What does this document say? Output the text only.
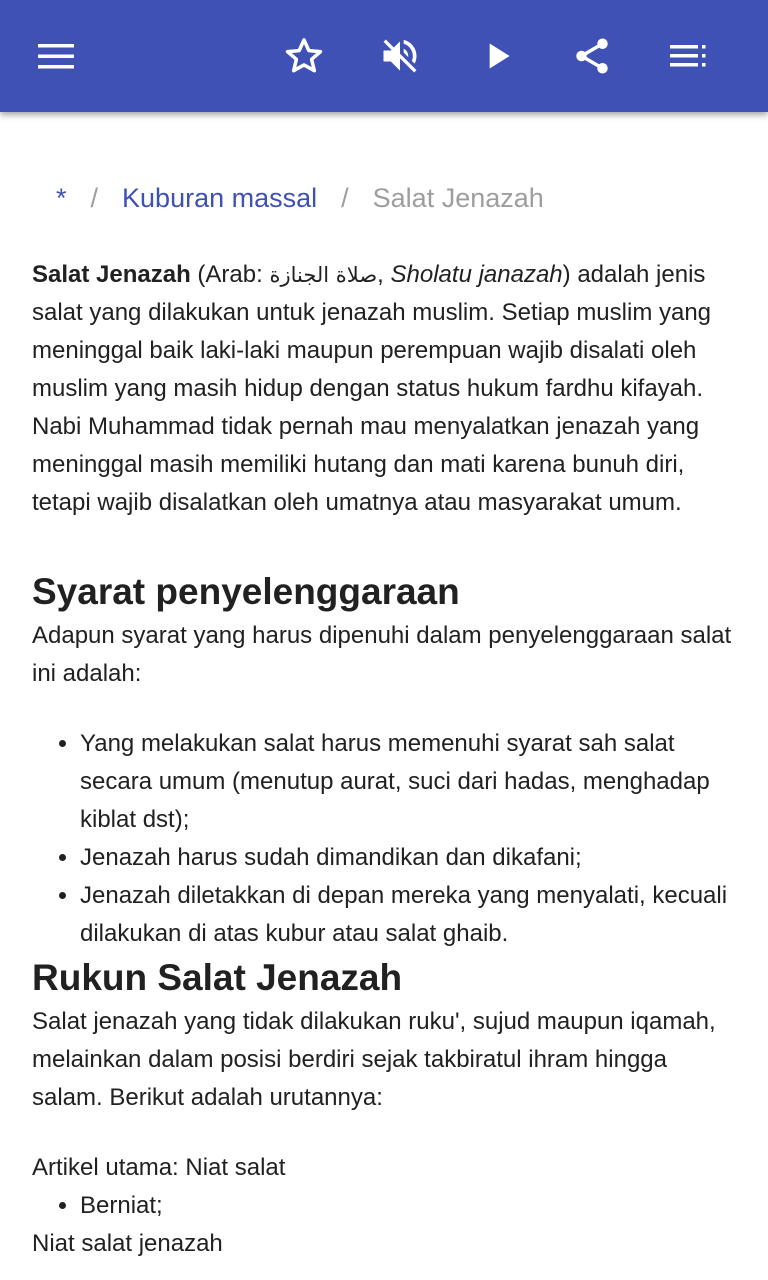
* / Kuburan massal / Salat Jenazah

Salat Jenazah (Arab: صلاة الجنازة, Sholatu janazah) adalah jenis salat yang dilakukan untuk jenazah muslim. Setiap muslim yang meninggal baik laki-laki maupun perempuan wajib disalati oleh muslim yang masih hidup dengan status hukum fardhu kifayah. Nabi Muhammad tidak pernah mau menyalatkan jenazah yang meninggal masih memiliki hutang dan mati karena bunuh diri, tetapi wajib disalatkan oleh umatnya atau masyarakat umum.

Syarat penyelenggaraan

Adapun syarat yang harus dipenuhi dalam penyelenggaraan salat ini adalah:

• Yang melakukan salat harus memenuhi syarat sah salat secara umum (menutup aurat, suci dari hadas, menghadap kiblat dst);
• Jenazah harus sudah dimandikan dan dikafani;
• Jenazah diletakkan di depan mereka yang menyalati, kecuali dilakukan di atas kubur atau salat ghaib.
Rukun Salat Jenazah

Salat jenazah yang tidak dilakukan ruku', sujud maupun iqamah, melainkan dalam posisi berdiri sejak takbiratul ihram hingga salam. Berikut adalah urutannya:

Artikel utama: Niat salat

• Berniat;

Niat salat jenazah
